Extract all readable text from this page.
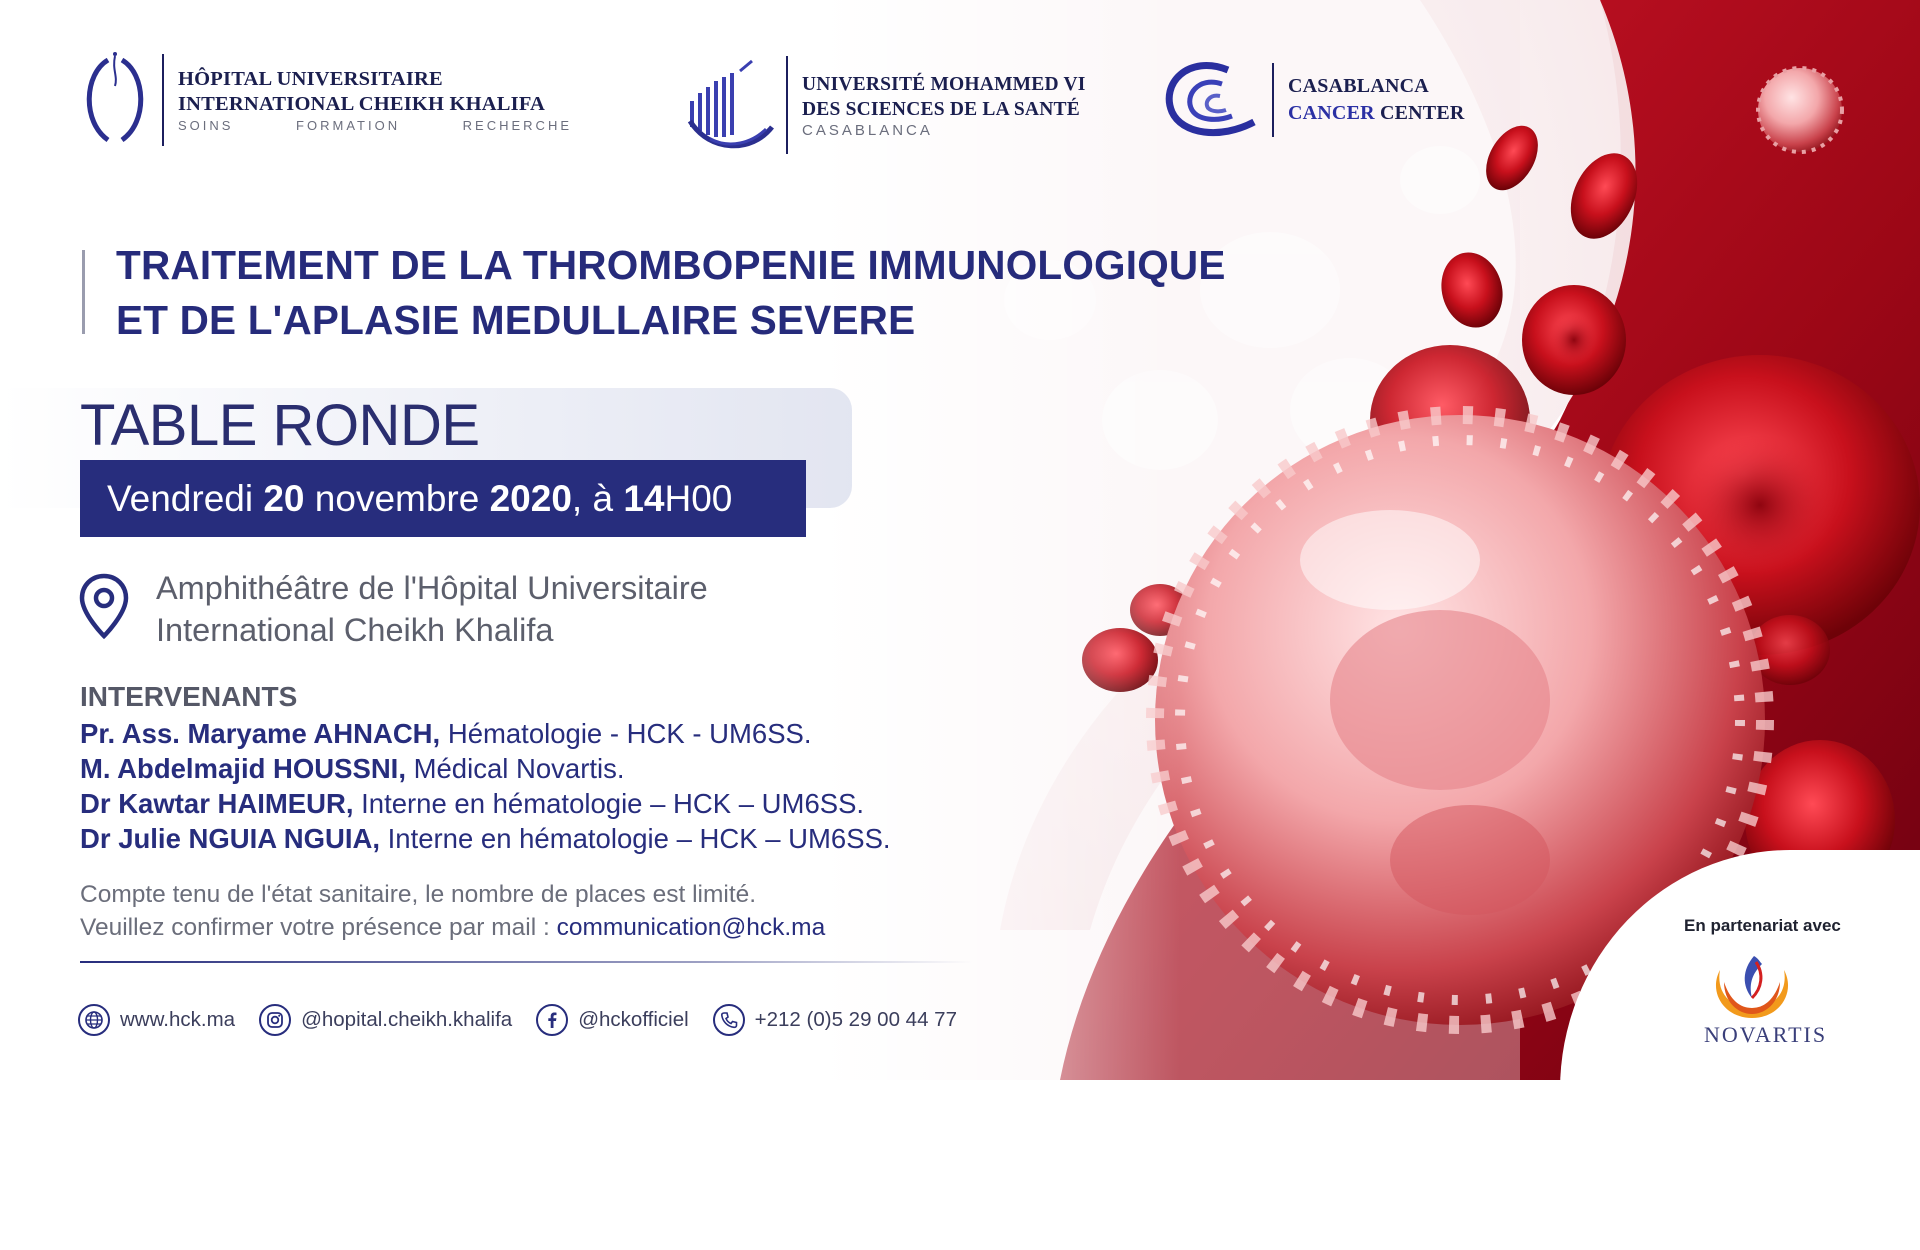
HÔPITAL UNIVERSITAIRE
INTERNATIONAL CHEIKH KHALIFA
SOINS	FORMATION	RECHERCHE
UNIVERSITÉ MOHAMMED VI
DES SCIENCES DE LA SANTÉ
CASABLANCA
CASABLANCA
CANCER CENTER
TRAITEMENT DE LA THROMBOPENIE IMMUNOLOGIQUE
ET DE L'APLASIE MEDULLAIRE SEVERE
TABLE RONDE
Vendredi
20
novembre
2020 , à
14 H00
Amphithéâtre de l'Hôpital Universitaire
International Cheikh Khalifa
INTERVENANTS
Pr. Ass. Maryame AHNACH, Hématologie - HCK - UM6SS.
M. Abdelmajid HOUSSNI, Médical Novartis.
Dr Kawtar HAIMEUR, Interne en hématologie – HCK – UM6SS.
Dr Julie NGUIA NGUIA, Interne en hématologie – HCK – UM6SS.
Compte tenu de l'état sanitaire, le nombre de places est limité.
Veuillez confirmer votre présence par mail : communication@hck.ma
www.hck.ma	@hopital.cheikh.khalifa	@hckofficiel	+212 (0)5 29 00 44 77
En partenariat avec
NOVARTIS
